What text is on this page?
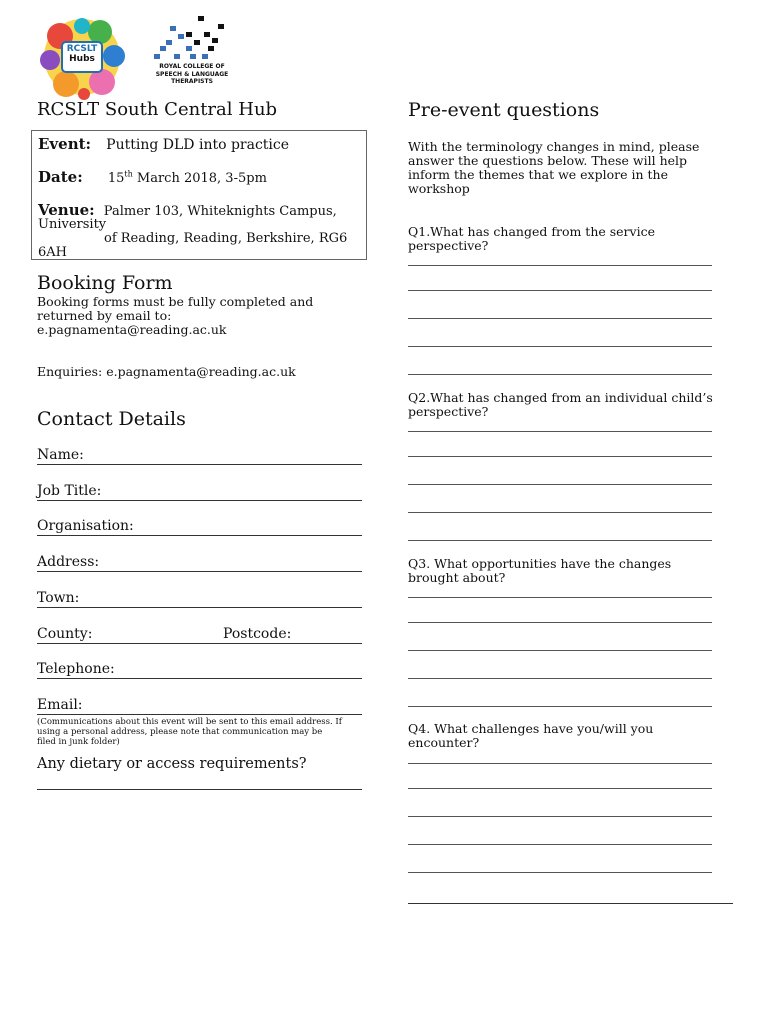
RCSLT
Hubs
ROYAL COLLEGE OF
SPEECH & LANGUAGE
THERAPISTS
RCSLT South Central Hub
Event: Putting DLD into practice
Date: 15th March 2018, 3-5pm
Venue: Palmer 103, Whiteknights Campus,
University
of Reading, Reading, Berkshire, RG6
6AH
Booking Form
Booking forms must be fully completed and
returned by email to:
e.pagnamenta@reading.ac.uk
Enquiries: e.pagnamenta@reading.ac.uk
Contact Details
Name:
Job Title:
Organisation:
Address:
Town:
County:	Postcode:
Telephone:
Email:
(Communications about this event will be sent to this email address. If
using a personal address, please note that communication may be
filed in junk folder)
Any dietary or access requirements?
Pre-event questions
With the terminology changes in mind, please
answer the questions below. These will help
inform the themes that we explore in the
workshop
Q1.What has changed from the service
perspective?
Q2.What has changed from an individual child’s
perspective?
Q3. What opportunities have the changes
brought about?
Q4. What challenges have you/will you
encounter?
